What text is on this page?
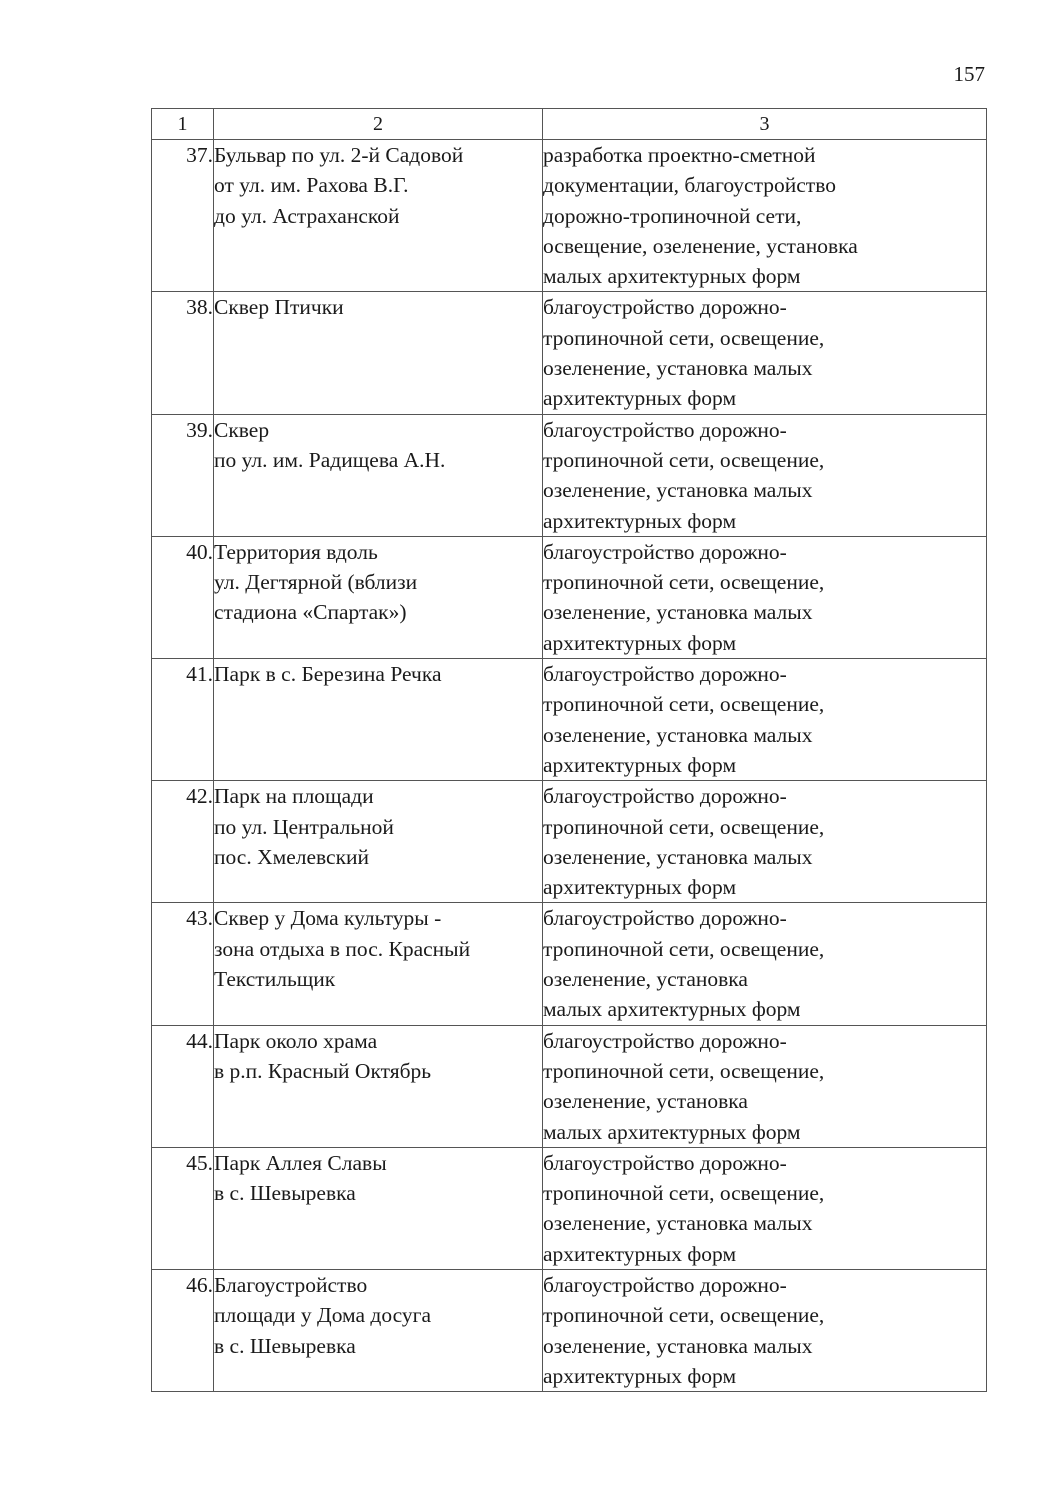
157
1	2	3
37.	Бульвар по ул. 2-й Садовой
от ул. им. Рахова В.Г.
до ул. Астраханской	разработка проектно-сметной
документации, благоустройство
дорожно-тропиночной сети,
освещение, озеленение, установка
малых архитектурных форм

38.	Сквер Птички	благоустройство дорожно-
тропиночной сети, освещение,
озеленение, установка малых
архитектурных форм

39.	Сквер
по ул. им. Радищева А.Н.	благоустройство дорожно-
тропиночной сети, освещение,
озеленение, установка малых
архитектурных форм

40.	Территория вдоль
ул. Дегтярной (вблизи
стадиона «Спартак»)	благоустройство дорожно-
тропиночной сети, освещение,
озеленение, установка малых
архитектурных форм

41.	Парк в с. Березина Речка	благоустройство дорожно-
тропиночной сети, освещение,
озеленение, установка малых
архитектурных форм

42.	Парк на площади
по ул. Центральной
пос. Хмелевский	благоустройство дорожно-
тропиночной сети, освещение,
озеленение, установка малых
архитектурных форм

43.	Сквер у Дома культуры -
зона отдыха в пос. Красный
Текстильщик	благоустройство дорожно-
тропиночной сети, освещение,
озеленение, установка
малых архитектурных форм

44.	Парк около храма
в р.п. Красный Октябрь	благоустройство дорожно-
тропиночной сети, освещение,
озеленение, установка
малых архитектурных форм

45.	Парк Аллея Славы
в с. Шевыревка	благоустройство дорожно-
тропиночной сети, освещение,
озеленение, установка малых
архитектурных форм

46.	Благоустройство
площади у Дома досуга
в с. Шевыревка	благоустройство дорожно-
тропиночной сети, освещение,
озеленение, установка малых
архитектурных форм
